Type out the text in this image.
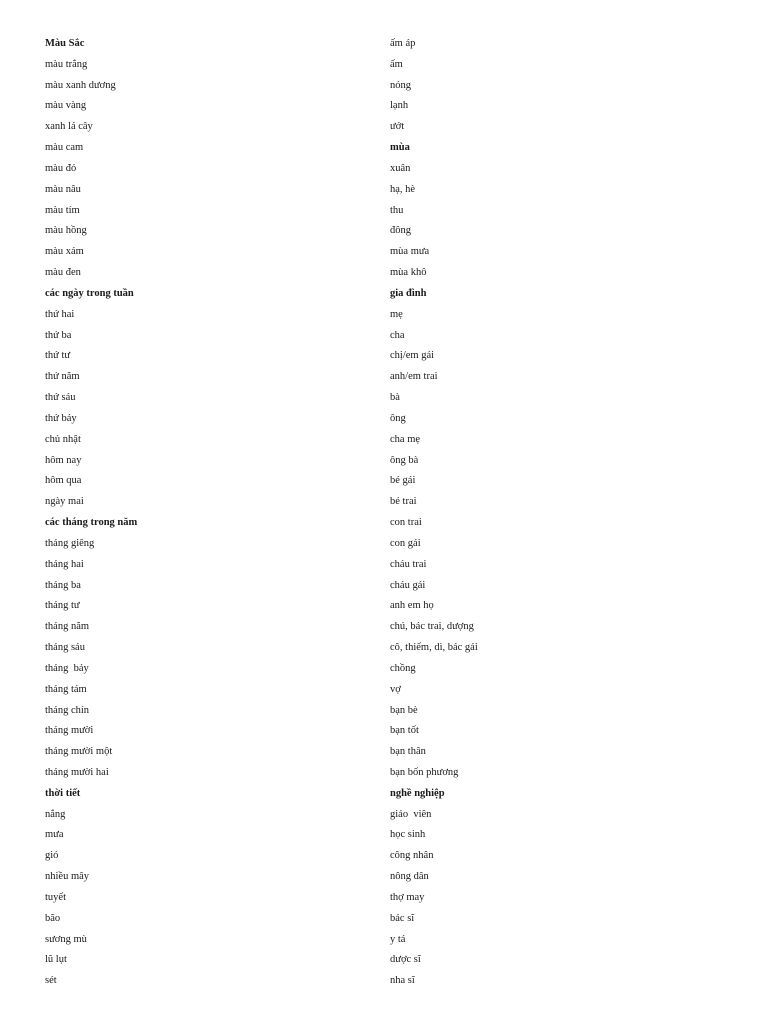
Màu Sắc
màu trắng
màu xanh dương
màu vàng
xanh lá cây
màu cam
màu đỏ
màu nâu
màu tím
màu hồng
màu xám
màu đen
các ngày trong tuần
thứ hai
thứ ba
thứ tư
thứ năm
thứ sáu
thứ bảy
chủ nhật
hôm nay
hôm qua
ngày mai
các tháng trong năm
tháng giêng
tháng hai
tháng ba
tháng tư
tháng năm
tháng sáu
tháng  bảy
tháng tám
tháng chín
tháng mười
tháng mười một
tháng mười hai
thời tiết
nắng
mưa
gió
nhiều mây
tuyết
bão
sương mù
lũ lụt
sét
ấm áp
ấm
nóng
lạnh
ướt
mùa
xuân
hạ, hè
thu
đông
mùa mưa
mùa khô
gia đình
mẹ
cha
chị/em gái
anh/em trai
bà
ông
cha mẹ
ông bà
bé gái
bé trai
con trai
con gái
cháu trai
cháu gái
anh em họ
chú, bác trai, dượng
cô, thiếm, dì, bác gái
chồng
vợ
bạn bè
bạn tốt
bạn thân
bạn bốn phương
nghề nghiệp
giáo  viên
học sinh
công nhân
nông dân
thợ may
bác sĩ
y tá
dược sĩ
nha sĩ
